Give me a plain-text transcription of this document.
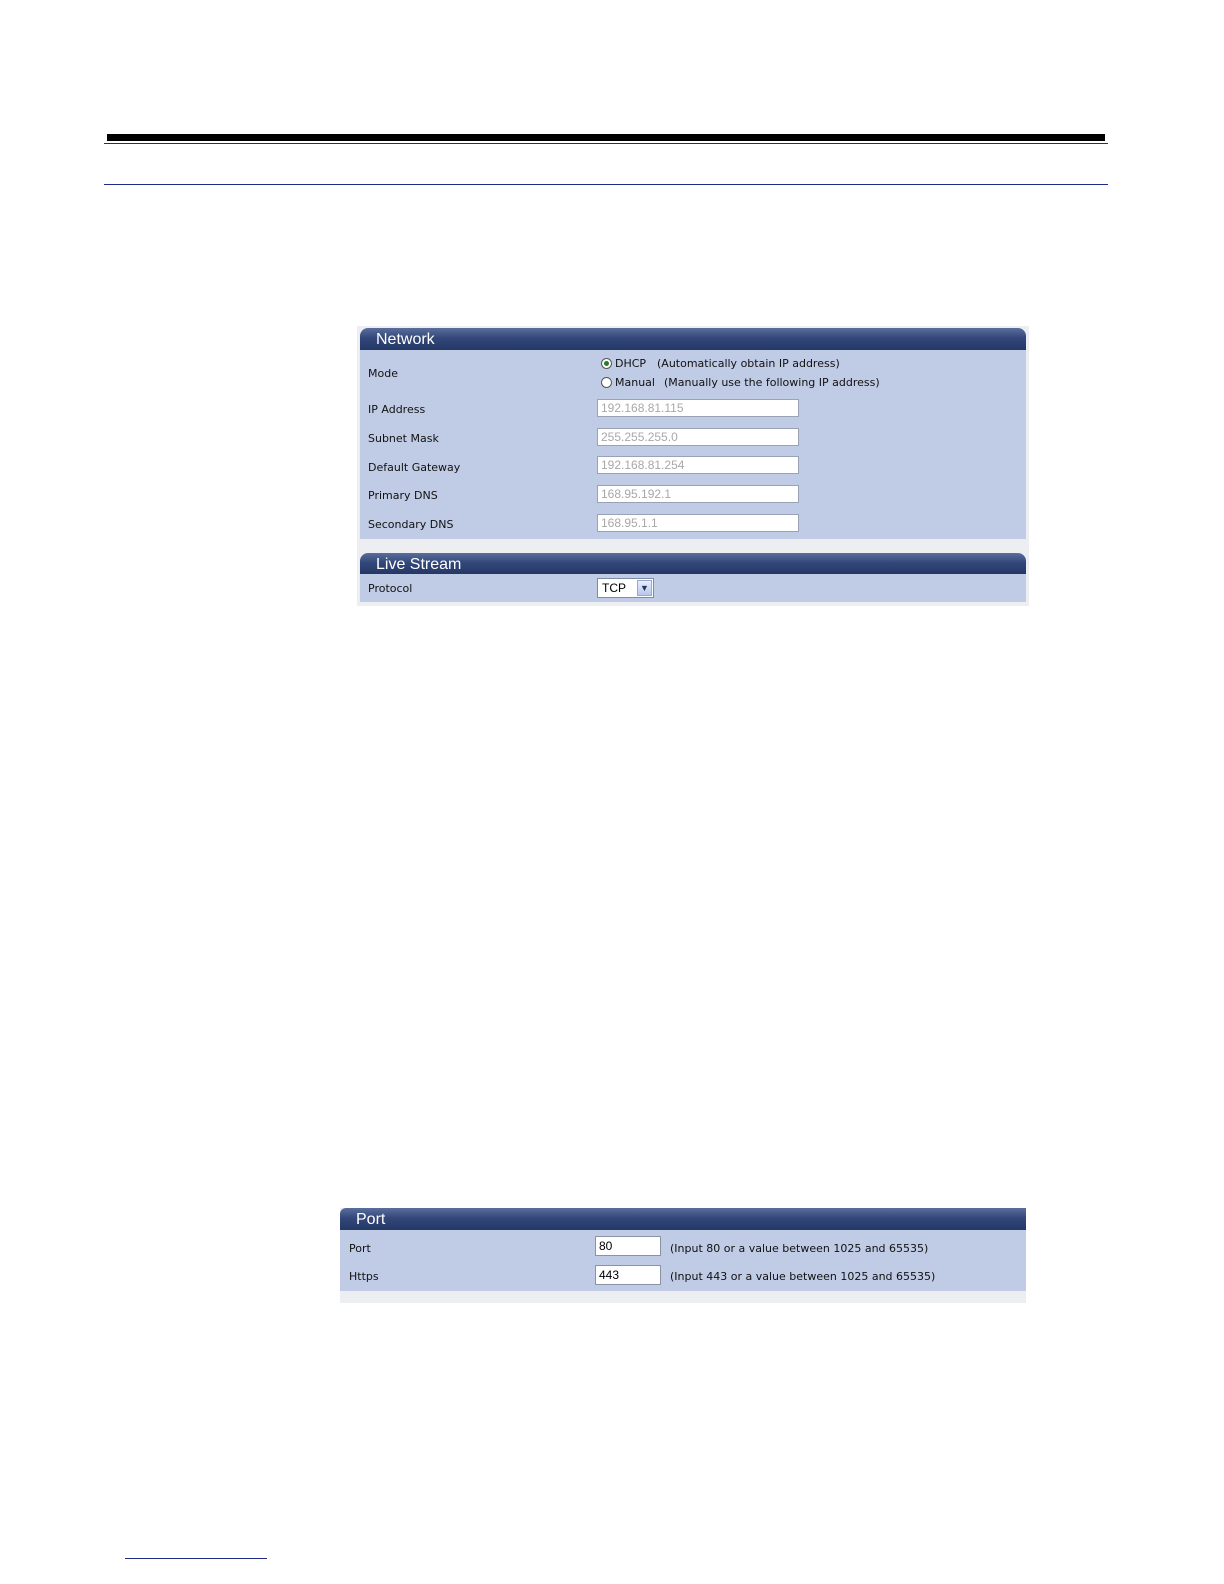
Network
Mode
DHCP (Automatically obtain IP address)
Manual (Manually use the following IP address)
IP Address	192.168.81.115
Subnet Mask	255.255.255.0
Default Gateway	192.168.81.254
Primary DNS	168.95.192.1
Secondary DNS	168.95.1.1
Live Stream
Protocol	TCP	▼
Port
Port	80	(Input 80 or a value between 1025 and 65535)
Https	443	(Input 443 or a value between 1025 and 65535)
